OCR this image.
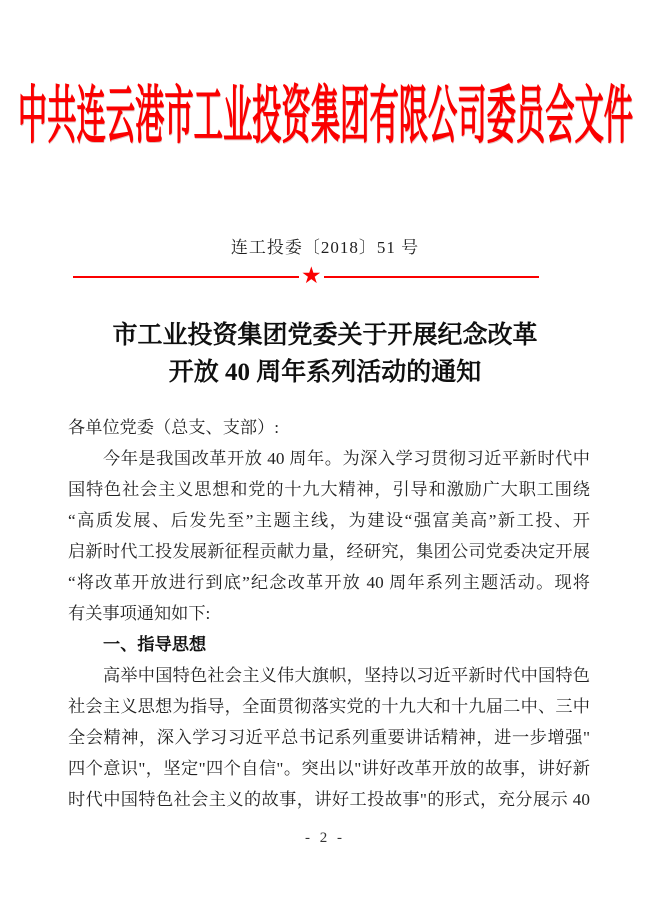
中共连云港市工业投资集团有限公司委员会文件
连工投委〔2018〕51 号
★
市工业投资集团党委关于开展纪念改革
开放 40 周年系列活动的通知
各单位党委（总支、支部）:
今年是我国改革开放 40 周年。为深入学习贯彻习近平新时代中
国特色社会主义思想和党的十九大精神，引导和激励广大职工围绕
“高质发展、后发先至”主题主线，为建设“强富美高”新工投、开
启新时代工投发展新征程贡献力量，经研究，集团公司党委决定开展
“将改革开放进行到底”纪念改革开放 40 周年系列主题活动。现将
有关事项通知如下:
一、指导思想
高举中国特色社会主义伟大旗帜，坚持以习近平新时代中国特色
社会主义思想为指导，全面贯彻落实党的十九大和十九届二中、三中
全会精神，深入学习习近平总书记系列重要讲话精神，进一步增强"
四个意识"，坚定"四个自信"。突出以"讲好改革开放的故事，讲好新
时代中国特色社会主义的故事，讲好工投故事"的形式，充分展示 40
- 2 -
